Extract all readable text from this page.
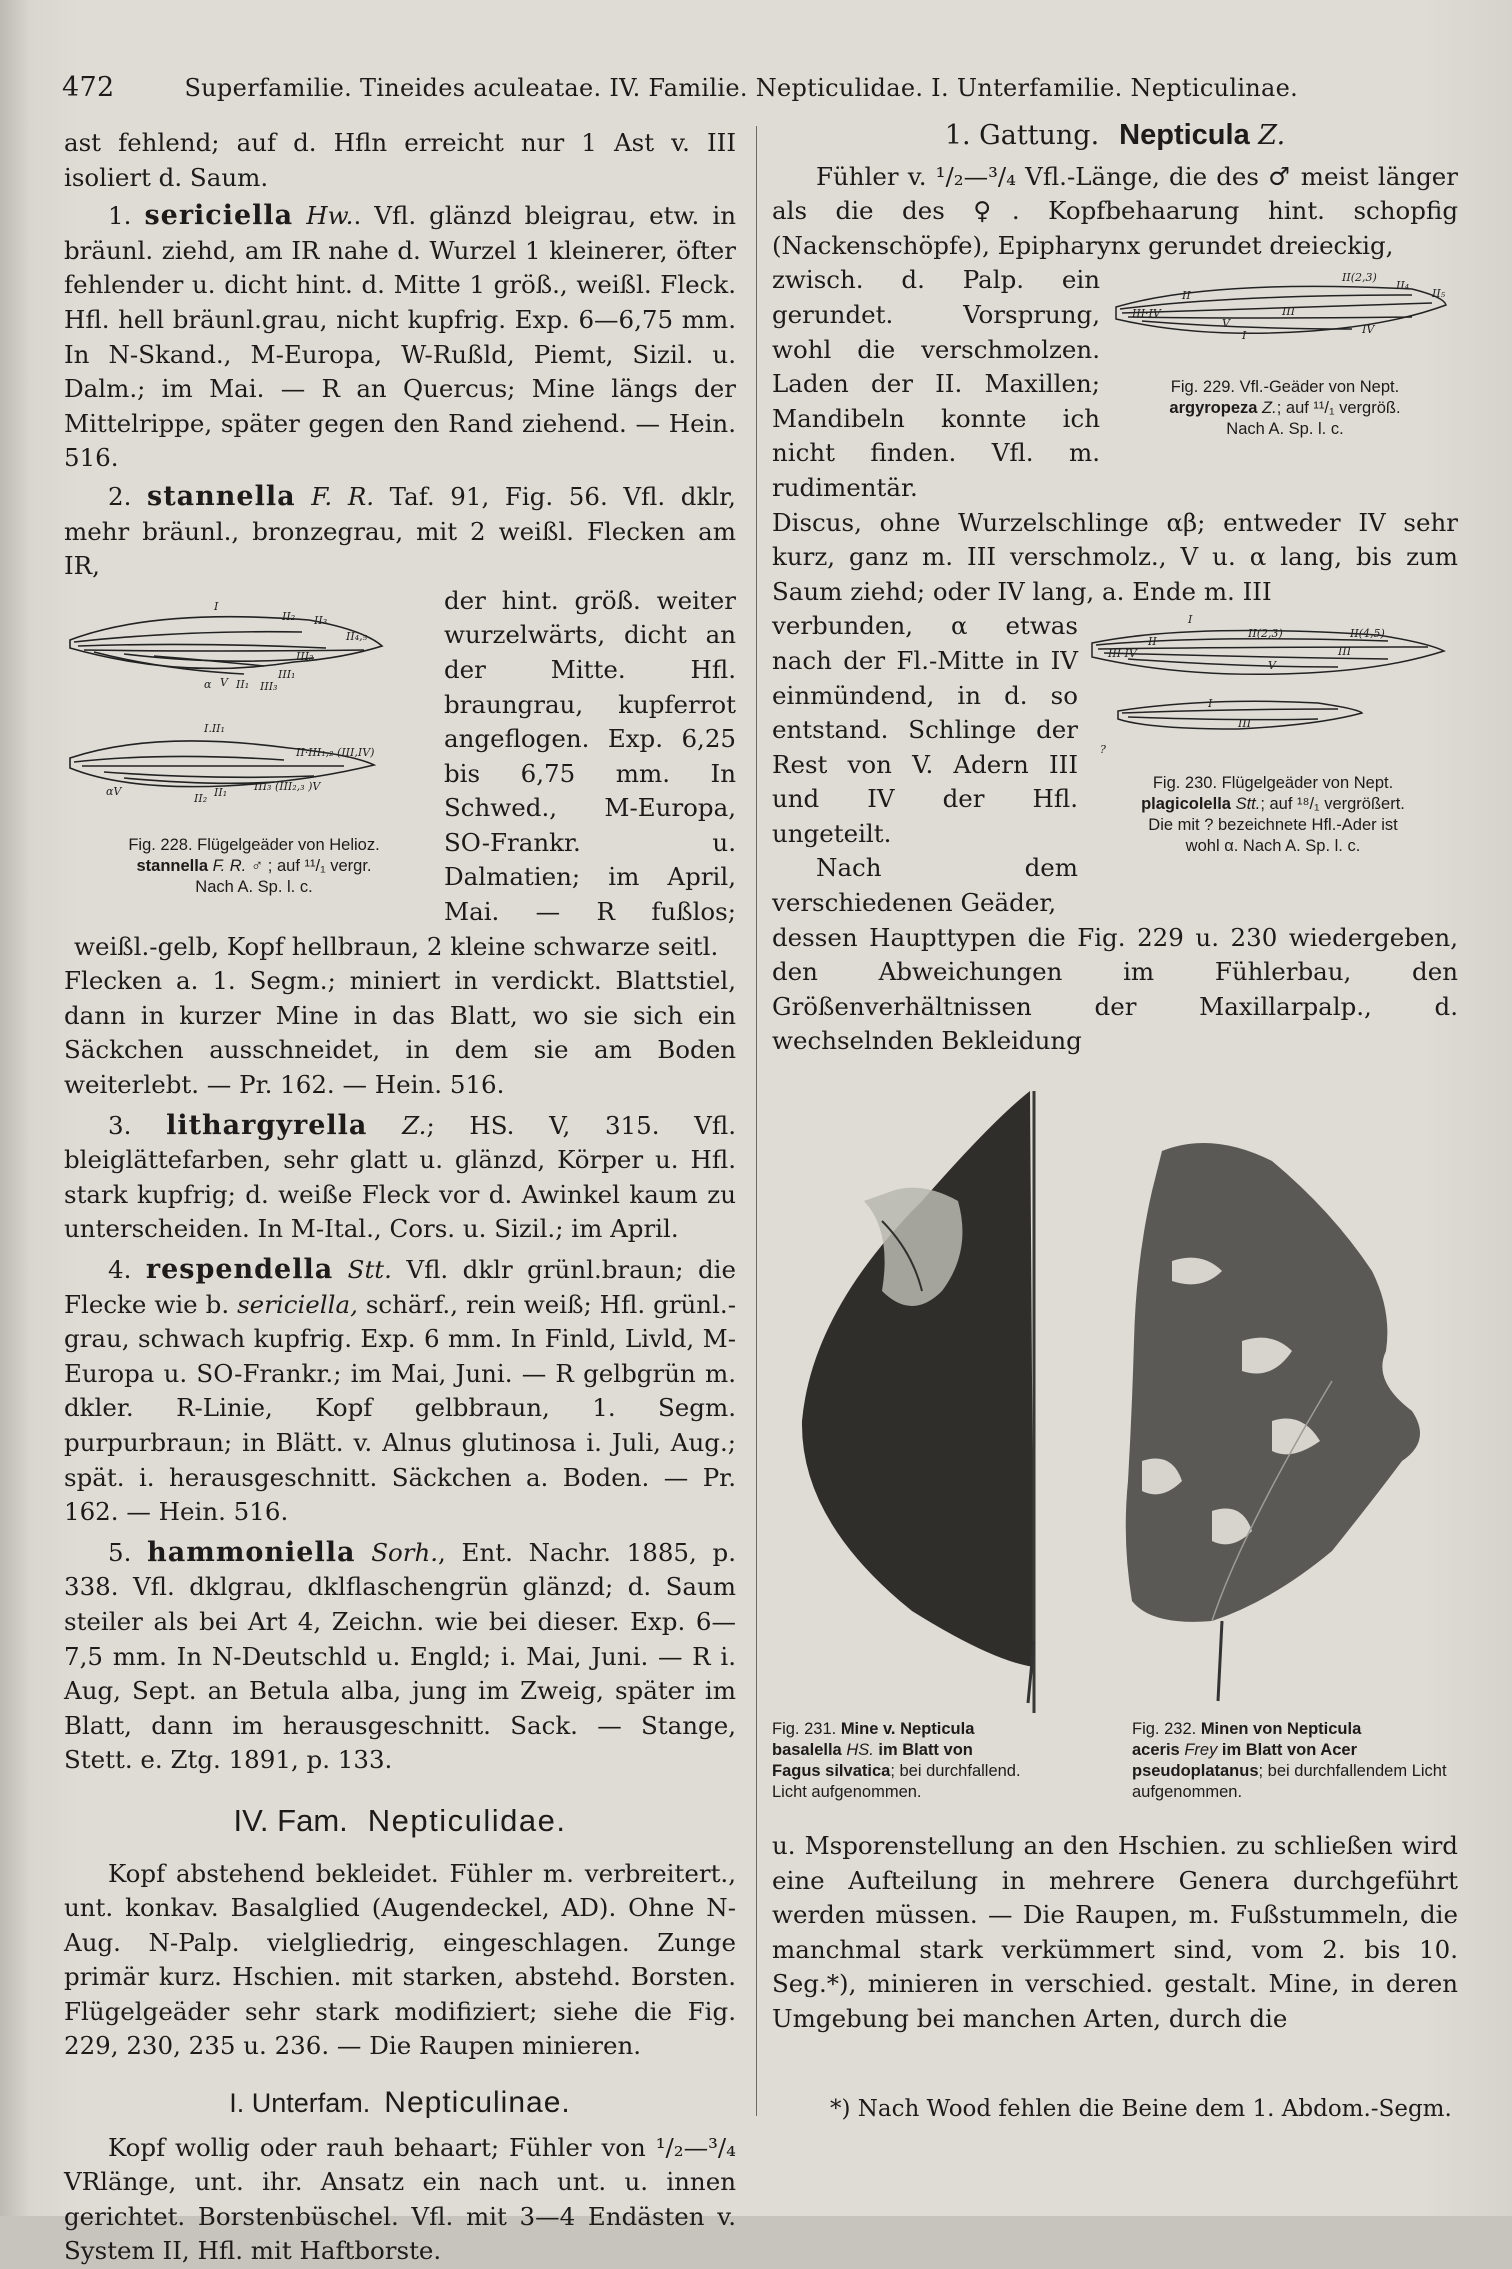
472	Superfamilie. Tineides aculeatae. IV. Familie. Nepticulidae. I. Unterfamilie. Nepticulinae.

ast fehlend; auf d. Hfln erreicht nur 1 Ast v. III isoliert d. Saum.

1. sericiella Hw.. Vfl. glänzd bleigrau, etw. in bräunl. ziehd, am IR nahe d. Wurzel 1 kleinerer, öfter fehlender u. dicht hint. d. Mitte 1 größ., weißl. Fleck. Hfl. hell bräunl.grau, nicht kupfrig. Exp. 6—6,75 mm. In N-Skand., M-Europa, W-Rußld, Piemt, Sizil. u. Dalm.; im Mai. — R an Quercus; Mine längs der Mittelrippe, später gegen den Rand ziehend. — Hein. 516.

2. stannella F. R. Taf. 91, Fig. 56. Vfl. dklr, mehr bräunl., bronzegrau, mit 2 weißl. Flecken am IR,

I
II₂ II₃
II₄,₅
III₁
III₂
III₃
α V II₁
I.II₁
II·III₁,₂ (III,IV)
αV
II₂ II₁ III₃ (III₂,₃ )V
Fig. 228. Flügelgeäder von Helioz.
stannella F. R. ♂ ; auf ¹¹/₁ vergr.
Nach A. Sp. l. c.

der hint. größ. weiter wurzelwärts, dicht an der Mitte. Hfl. braungrau, kupferrot angeflogen. Exp. 6,25 bis 6,75 mm. In Schwed., M-Europa, SO-Frankr. u. Dalmatien; im April, Mai. — R fußlos; weißl.-gelb, Kopf hellbraun, 2 kleine schwarze seitl.

Flecken a. 1. Segm.; miniert in verdickt. Blattstiel, dann in kurzer Mine in das Blatt, wo sie sich ein Säckchen ausschneidet, in dem sie am Boden weiterlebt. — Pr. 162. — Hein. 516.

3. lithargyrella Z.; HS. V, 315. Vfl. bleiglättefarben, sehr glatt u. glänzd, Körper u. Hfl. stark kupfrig; d. weiße Fleck vor d. Awinkel kaum zu unterscheiden. In M-Ital., Cors. u. Sizil.; im April.

4. respendella Stt. Vfl. dklr grünl.braun; die Flecke wie b. sericiella, schärf., rein weiß; Hfl. grünl.-grau, schwach kupfrig. Exp. 6 mm. In Finld, Livld, M-Europa u. SO-Frankr.; im Mai, Juni. — R gelbgrün m. dkler. R-Linie, Kopf gelbbraun, 1. Segm. purpurbraun; in Blätt. v. Alnus glutinosa i. Juli, Aug.; spät. i. herausgeschnitt. Säckchen a. Boden. — Pr. 162. — Hein. 516.

5. hammoniella Sorh., Ent. Nachr. 1885, p. 338. Vfl. dklgrau, dklflaschengrün glänzd; d. Saum steiler als bei Art 4, Zeichn. wie bei dieser. Exp. 6—7,5 mm. In N-Deutschld u. Engld; i. Mai, Juni. — R i. Aug, Sept. an Betula alba, jung im Zweig, später im Blatt, dann im herausgeschnitt. Sack. — Stange, Stett. e. Ztg. 1891, p. 133.

IV. Fam. Nepticulidae.

Kopf abstehend bekleidet. Fühler m. verbreitert., unt. konkav. Basalglied (Augendeckel, AD). Ohne N-Aug. N-Palp. vielgliedrig, eingeschlagen. Zunge primär kurz. Hschien. mit starken, abstehd. Borsten. Flügelgeäder sehr stark modifiziert; siehe die Fig. 229, 230, 235 u. 236. — Die Raupen minieren.

I. Unterfam. Nepticulinae.

Kopf wollig oder rauh behaart; Fühler von ¹/₂—³/₄ VRlänge, unt. ihr. Ansatz ein nach unt. u. innen gerichtet. Borstenbüschel. Vfl. mit 3—4 Endästen v. System II, Hfl. mit Haftborste.

1. Gattung. Nepticula Z.

Fühler v. ¹/₂—³/₄ Vfl.-Länge, die des ♂ meist länger als die des ♀. Kopfbehaarung hint. schopfig (Nackenschöpfe), Epipharynx gerundet dreieckig,

II(2,3)
II₄
II₅
II
III·IV	III
V	IV
I
Fig. 229. Vfl.-Geäder von Nept.
argyropeza Z.; auf ¹¹/₁ vergröß.
Nach A. Sp. l. c.

zwisch. d. Palp. ein gerundet. Vorsprung, wohl die verschmolzen. Laden der II. Maxillen; Mandibeln konnte ich nicht finden. Vfl. m. rudimentär.

Discus, ohne Wurzelschlinge αβ; entweder IV sehr kurz, ganz m. III verschmolz., V u. α lang, bis zum Saum ziehd; oder IV lang, a. Ende m. III

I
II(2,3)	II(4,5)
II
III·IV	III
V
I
III
?
Fig. 230. Flügelgeäder von Nept.
plagicolella Stt.; auf ¹⁸/₁ vergrößert.
Die mit ? bezeichnete Hfl.-Ader ist
wohl α. Nach A. Sp. l. c.

verbunden, α etwas nach der Fl.-Mitte in IV einmündend, in d. so entstand. Schlinge der Rest von V. Adern III und IV der Hfl. ungeteilt.

Nach dem verschiedenen Geäder,

dessen Haupttypen die Fig. 229 u. 230 wiedergeben, den Abweichungen im Fühlerbau, den Größenverhältnissen der Maxillarpalp., d. wechselnden Bekleidung

Fig. 231. Mine v. Nepticula
basalella HS. im Blatt von
Fagus silvatica; bei durchfallend. Licht aufgenommen.
Fig. 232. Minen von Nepticula
aceris Frey im Blatt von Acer
pseudoplatanus; bei durchfallendem Licht aufgenommen.

u. Msporenstellung an den Hschien. zu schließen wird eine Aufteilung in mehrere Genera durchgeführt werden müssen. — Die Raupen, m. Fußstummeln, die manchmal stark verkümmert sind, vom 2. bis 10. Seg.*), minieren in verschied. gestalt. Mine, in deren Umgebung bei manchen Arten, durch die

*) Nach Wood fehlen die Beine dem 1. Abdom.-Segm.
